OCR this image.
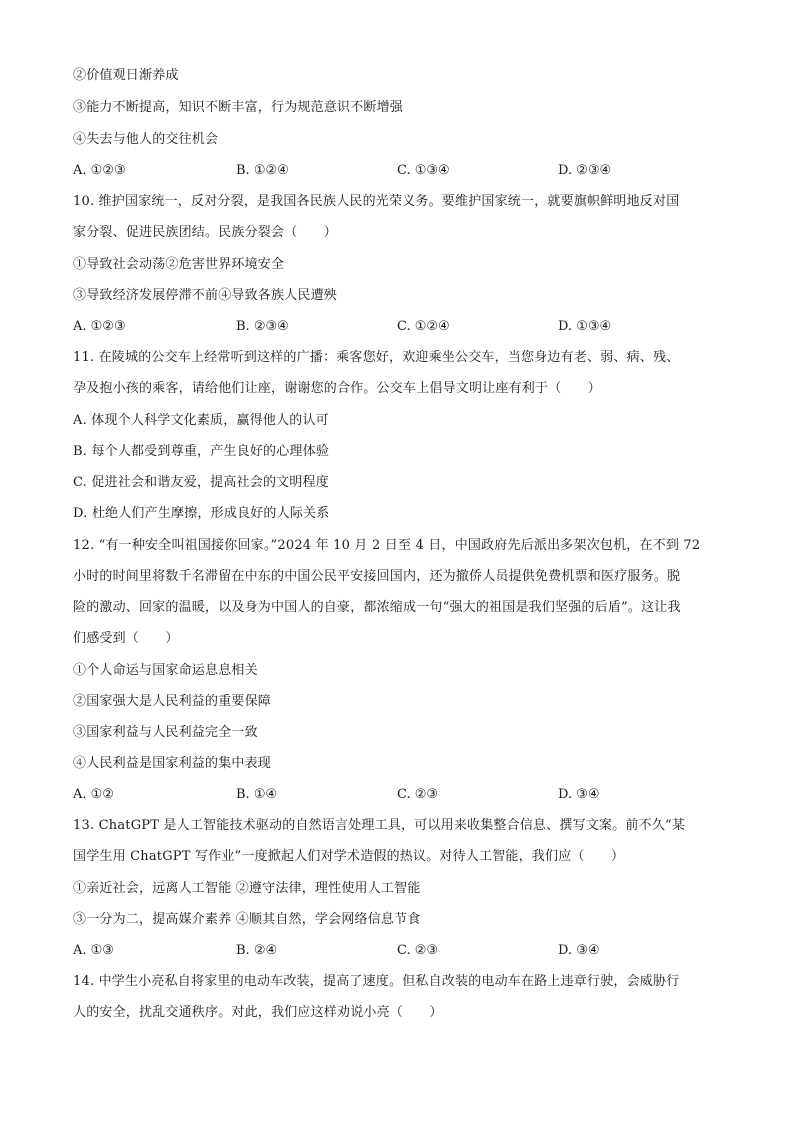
②价值观日渐养成
③能力不断提高，知识不断丰富，行为规范意识不断增强
④失去与他人的交往机会
A. ①②③	B. ①②④	C. ①③④	D. ②③④
10. 维护国家统一，反对分裂，是我国各民族人民的光荣义务。要维护国家统一，就要旗帜鲜明地反对国
家分裂、促进民族团结。民族分裂会（　　）
①导致社会动荡②危害世界环境安全
③导致经济发展停滞不前④导致各族人民遭殃
A. ①②③	B. ②③④	C. ①②④	D. ①③④
11. 在陵城的公交车上经常听到这样的广播：乘客您好，欢迎乘坐公交车，当您身边有老、弱、病、残、
孕及抱小孩的乘客，请给他们让座，谢谢您的合作。公交车上倡导文明让座有利于（　　）
A. 体现个人科学文化素质，赢得他人的认可
B. 每个人都受到尊重，产生良好的心理体验
C. 促进社会和谐友爱，提高社会的文明程度
D. 杜绝人们产生摩擦，形成良好的人际关系
12. “有一种安全叫祖国接你回家。”2024 年 10 月 2 日至 4 日，中国政府先后派出多架次包机，在不到 72
小时的时间里将数千名滞留在中东的中国公民平安接回国内，还为撤侨人员提供免费机票和医疗服务。脱
险的激动、回家的温暖，以及身为中国人的自豪，都浓缩成一句“强大的祖国是我们坚强的后盾”。这让我
们感受到（　　）
①个人命运与国家命运息息相关
②国家强大是人民利益的重要保障
③国家利益与人民利益完全一致
④人民利益是国家利益的集中表现
A. ①②	B. ①④	C. ②③	D. ③④
13. ChatGPT 是人工智能技术驱动的自然语言处理工具，可以用来收集整合信息、撰写文案。前不久“某
国学生用 ChatGPT 写作业”一度掀起人们对学术造假的热议。对待人工智能，我们应（　　）
①亲近社会，远离人工智能 ②遵守法律，理性使用人工智能
③一分为二，提高媒介素养 ④顺其自然，学会网络信息节食
A. ①③	B. ②④	C. ②③	D. ③④
14. 中学生小亮私自将家里的电动车改装，提高了速度。但私自改装的电动车在路上违章行驶，会威胁行
人的安全，扰乱交通秩序。对此，我们应这样劝说小亮（　　）
